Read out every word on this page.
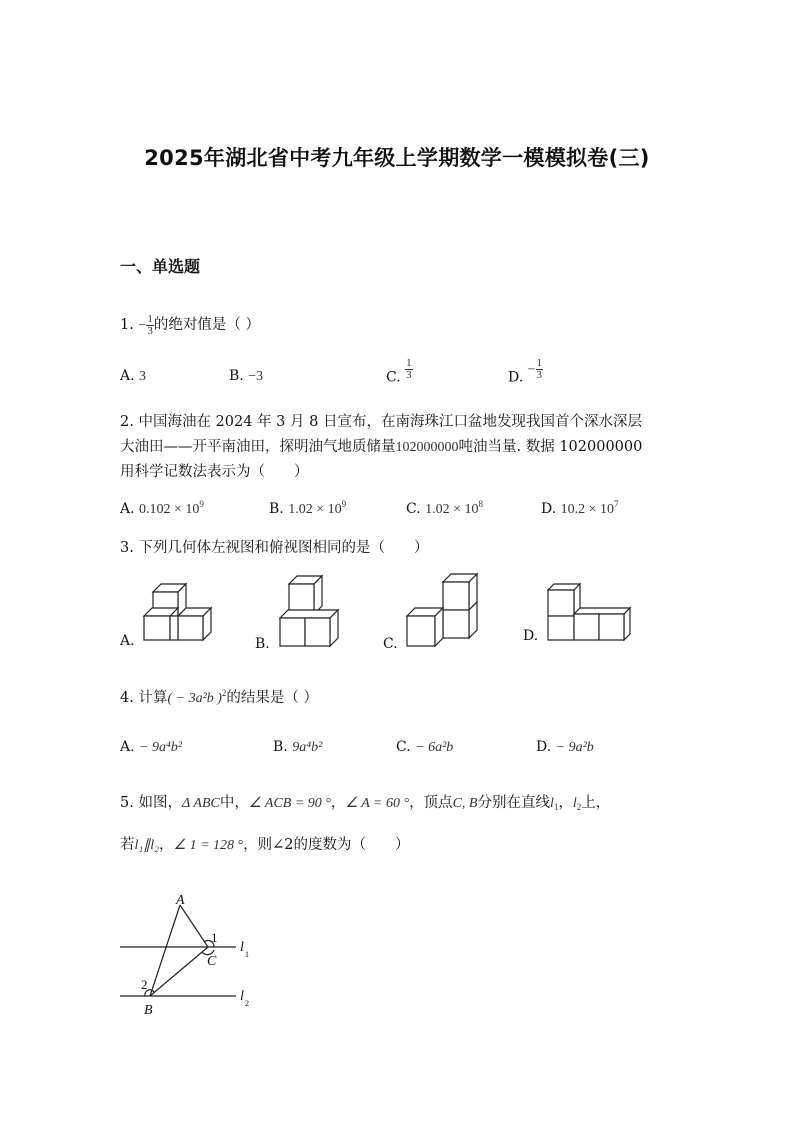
2025年湖北省中考九年级上学期数学一模模拟卷(三)
一、单选题
1. − $\frac{1}{3}$ 的绝对值是（ ）
A. 3	B. −3	C. $\frac{1}{3}$	D. − $\frac{1}{3}$
2. 中国海油在 2024 年 3 月 8 日宣布，在南海珠江口盆地发现我国首个深水深层
大油田——开平南油田，探明油气地质储量102000000吨油当量. 数据 102000000
用科学记数法表示为（　　）
A. $0.102 \times 10^9$	B. $1.02 \times 10^9$	C. $1.02 \times 10^8$	D. $10.2 \times 10^7$
3. 下列几何体左视图和俯视图相同的是（　　）
A.	B.	C.	D.
4. 计算( − 3a²b )$^2$的结果是（ ）
A. − 9a⁴b²	B. 9a⁴b²	C. − 6a²b	D. − 9a²b
5. 如图，Δ ABC中，∠ ACB = 90 °，∠ A = 60 °，顶点C, B分别在直线$l_1$，$l_2$上，
若l₁∥l₂，∠ 1 = 128 °，则∠2的度数为（　　）
A
1
C
2
B
l 1
l 2
